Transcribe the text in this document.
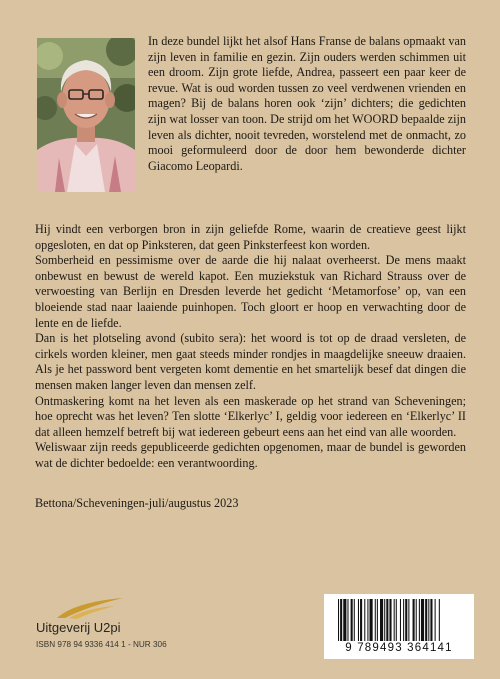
In deze bundel lijkt het alsof Hans Franse de balans opmaakt van zijn leven in familie en gezin. Zijn ouders werden schimmen uit een droom. Zijn grote liefde, Andrea, passeert een paar keer de revue. Wat is oud worden tussen zo veel verdwenen vrienden en magen? Bij de balans horen ook ‘zijn’ dichters; die gedichten zijn wat losser van toon. De strijd om het WOORD bepaalde zijn leven als dichter, nooit tevreden, worstelend met de onmacht, zo mooi geformuleerd door de door hem bewonderde dichter Giacomo Leopardi.

Hij vindt een verborgen bron in zijn geliefde Rome, waarin de creatieve geest lijkt opgesloten, en dat op Pinksteren, dat geen Pinksterfeest kon worden.

Somberheid en pessimisme over de aarde die hij nalaat overheerst. De mens maakt onbewust en bewust de wereld kapot. Een muziekstuk van Richard Strauss over de verwoesting van Berlijn en Dresden leverde het gedicht ‘Metamorfose’ op, van een bloeiende stad naar laaiende puinhopen. Toch gloort er hoop en verwachting door de lente en de liefde.

Dan is het plotseling avond (subito sera): het woord is tot op de draad versleten, de cirkels worden kleiner, men gaat steeds minder rondjes in maagdelijke sneeuw draaien. Als je het password bent vergeten komt dementie en het smartelijk besef dat dingen die mensen maken langer leven dan mensen zelf.

Ontmaskering komt na het leven als een maskerade op het strand van Scheveningen; hoe oprecht was het leven? Ten slotte ‘Elkerlyc’ I, geldig voor iedereen en ‘Elkerlyc’ II dat alleen hemzelf betreft bij wat iedereen gebeurt eens aan het eind van alle woorden.

Weliswaar zijn reeds gepubliceerde gedichten opgenomen, maar de bundel is geworden wat de dichter bedoelde: een verantwoording.

Bettona/Scheveningen-juli/augustus 2023

Uitgeverij U2pi

ISBN 978 94 9336 414 1 - NUR 306	9 789493 364141
